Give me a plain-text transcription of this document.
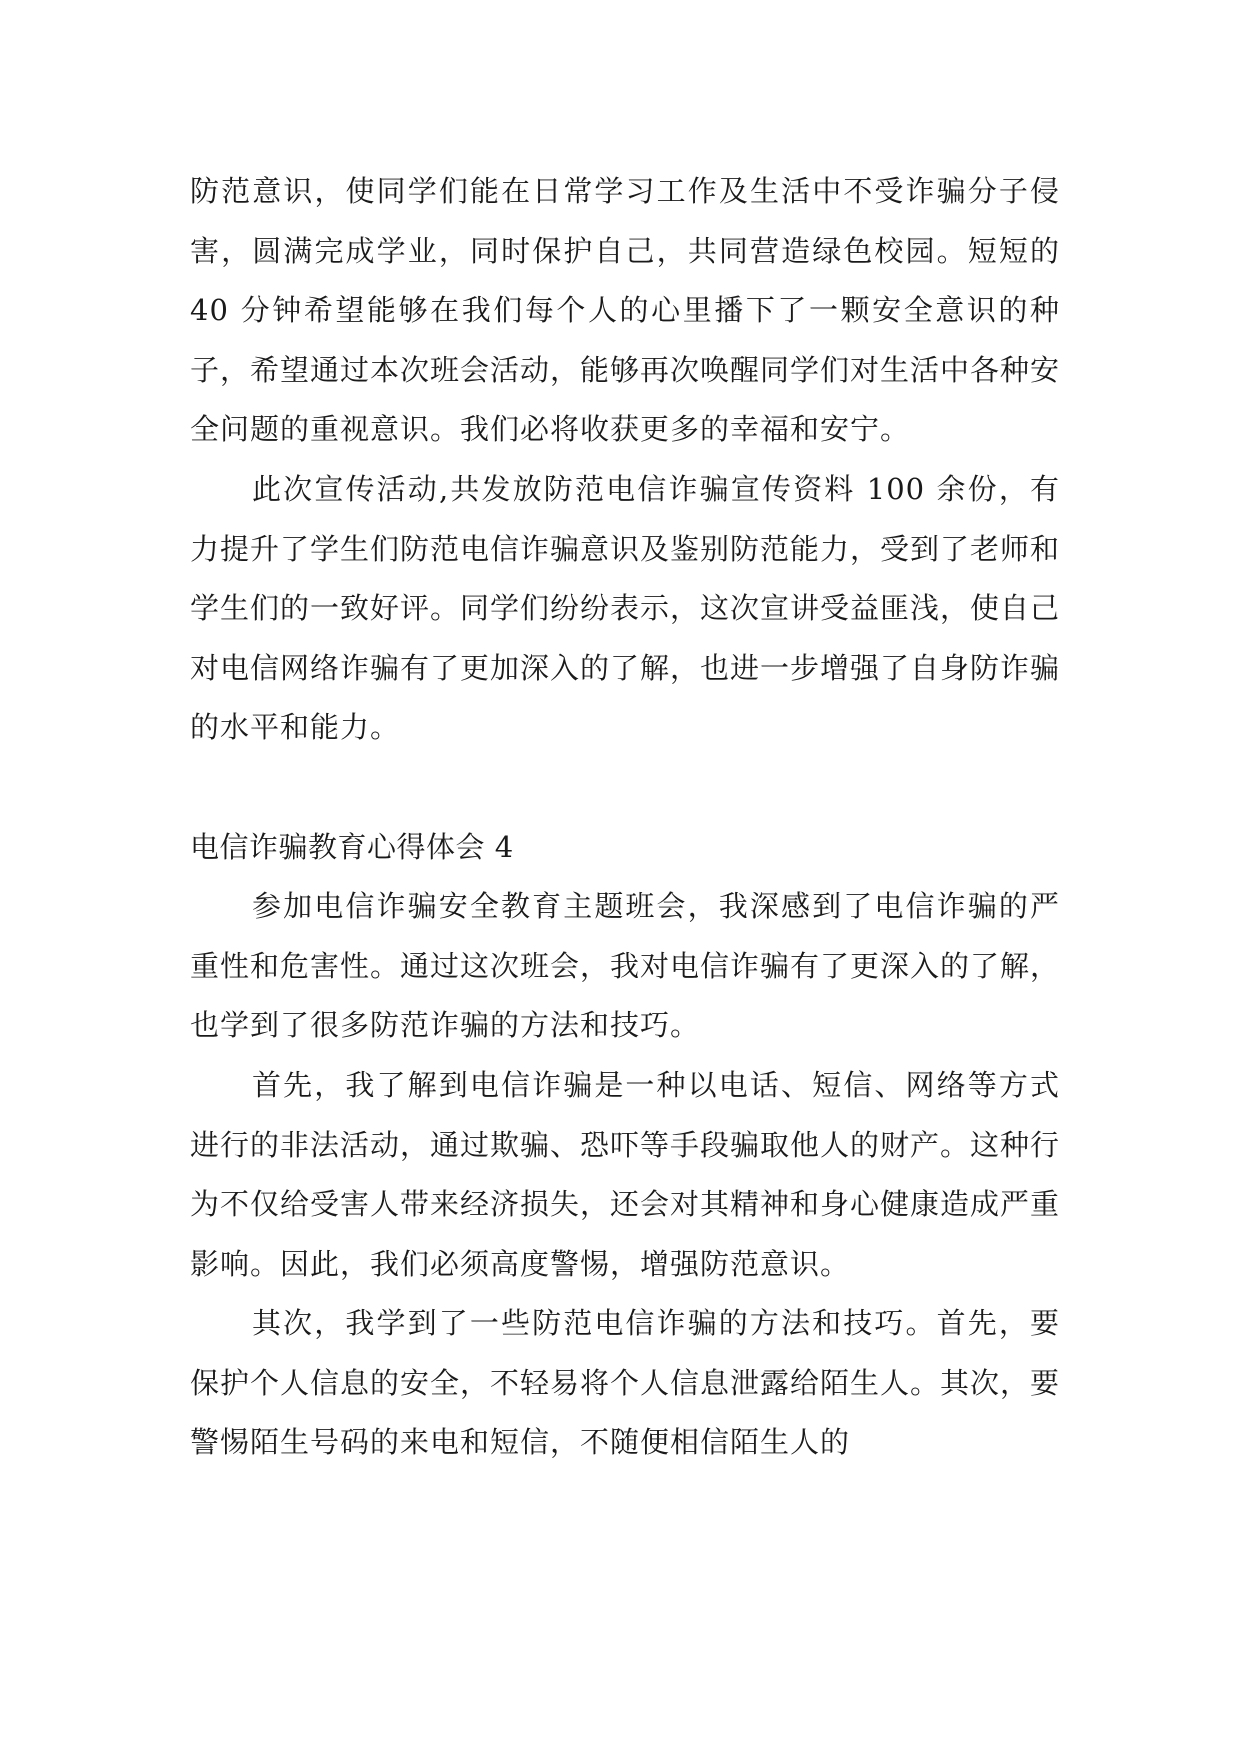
防范意识，使同学们能在日常学习工作及生活中不受诈骗分子侵害，圆满完成学业，同时保护自己，共同营造绿色校园。短短的 40 分钟希望能够在我们每个人的心里播下了一颗安全意识的种子，希望通过本次班会活动，能够再次唤醒同学们对生活中各种安全问题的重视意识。我们必将收获更多的幸福和安宁。

此次宣传活动,共发放防范电信诈骗宣传资料 100 余份，有力提升了学生们防范电信诈骗意识及鉴别防范能力，受到了老师和学生们的一致好评。同学们纷纷表示，这次宣讲受益匪浅，使自己对电信网络诈骗有了更加深入的了解，也进一步增强了自身防诈骗的水平和能力。

电信诈骗教育心得体会 4

参加电信诈骗安全教育主题班会，我深感到了电信诈骗的严重性和危害性。通过这次班会，我对电信诈骗有了更深入的了解，也学到了很多防范诈骗的方法和技巧。

首先，我了解到电信诈骗是一种以电话、短信、网络等方式进行的非法活动，通过欺骗、恐吓等手段骗取他人的财产。这种行为不仅给受害人带来经济损失，还会对其精神和身心健康造成严重影响。因此，我们必须高度警惕，增强防范意识。

其次，我学到了一些防范电信诈骗的方法和技巧。首先，要保护个人信息的安全，不轻易将个人信息泄露给陌生人。其次，要警惕陌生号码的来电和短信，不随便相信陌生人的
